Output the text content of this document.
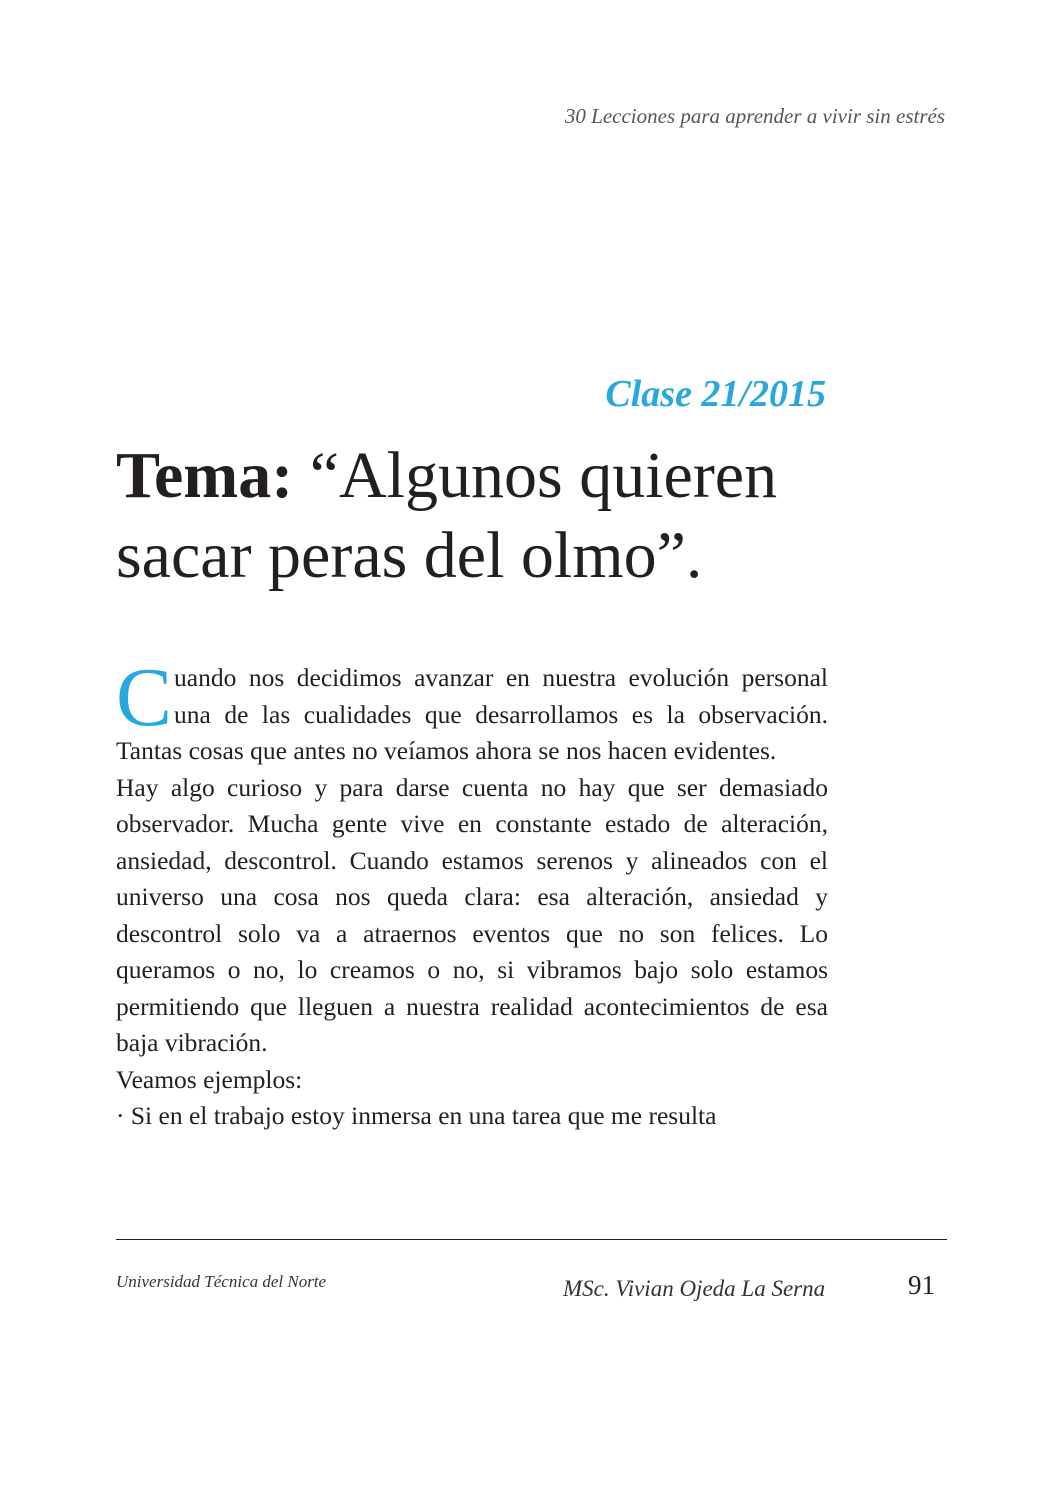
30 Lecciones para aprender a vivir sin estrés
Clase 21/2015
Tema: “Algunos quieren sacar peras del olmo”.

Cuando nos decidimos avanzar en nuestra evolución personal una de las cualidades que desarrollamos es la observación. Tantas cosas que antes no veíamos ahora se nos hacen evidentes.

Hay algo curioso y para darse cuenta no hay que ser demasiado observador. Mucha gente vive en constante estado de alteración, ansiedad, descontrol. Cuando estamos serenos y alineados con el universo una cosa nos queda clara: esa alteración, ansiedad y descontrol solo va a atraernos eventos que no son felices. Lo queramos o no, lo creamos o no, si vibramos bajo solo estamos permitiendo que lleguen a nuestra realidad acontecimientos de esa baja vibración.

Veamos ejemplos:

· Si en el trabajo estoy inmersa en una tarea que me resulta

Universidad Técnica del Norte	MSc. Vivian Ojeda La Serna	91
